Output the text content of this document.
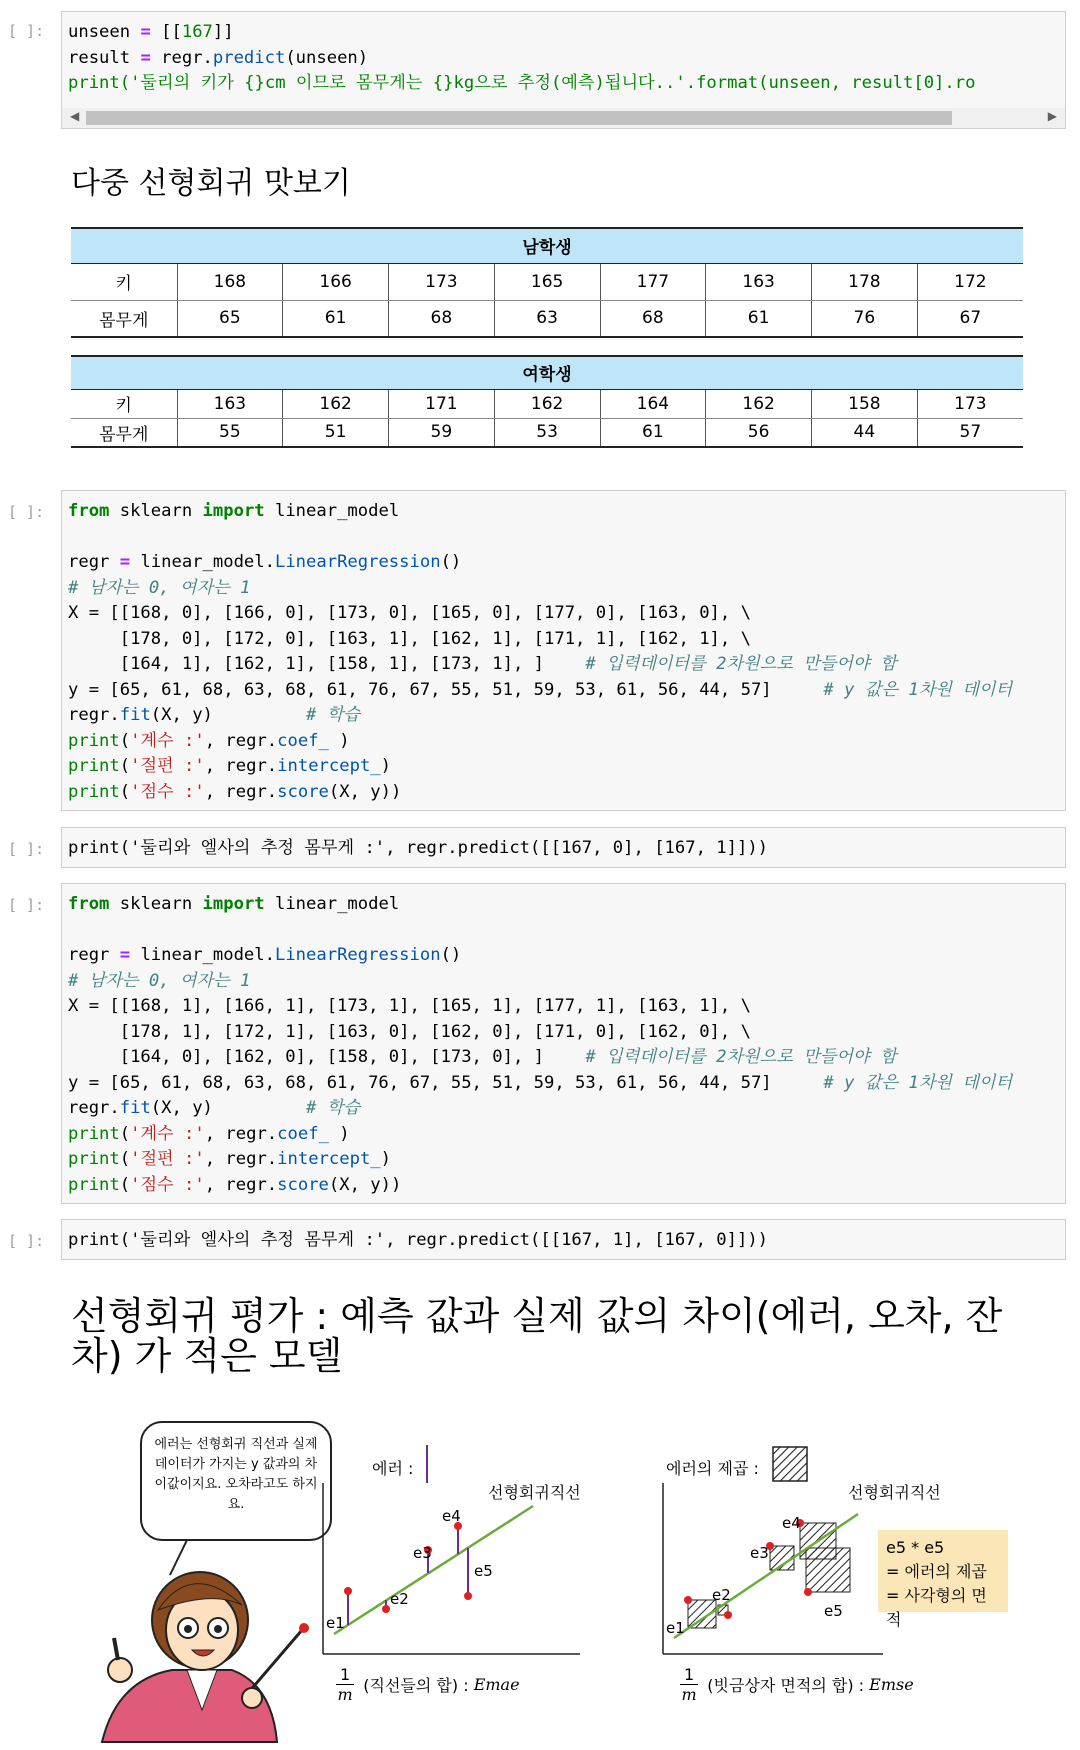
[ ]:	unseen = [[167]]
result = regr.predict(unseen)
print('둘리의 키가 {}cm 이므로 몸무게는 {}kg으로 추정(예측)됩니다..'.format(unseen, result[0].ro
◀	▶
다중 선형회귀 맛보기
남학생								
키	168	166	173	165	177	163	178	172
몸무게	65	61	68	63	68	61	76	67
여학생								
키	163	162	171	162	164	162	158	173
몸무게	55	51	59	53	61	56	44	57
[ ]:	from sklearn import linear_model

regr = linear_model.LinearRegression()
# 남자는 0, 여자는 1
X = [[168, 0], [166, 0], [173, 0], [165, 0], [177, 0], [163, 0], \
[178, 0], [172, 0], [163, 1], [162, 1], [171, 1], [162, 1], \
[164, 1], [162, 1], [158, 1], [173, 1], ] # 입력데이터를 2차원으로 만들어야 함
y = [65, 61, 68, 63, 68, 61, 76, 67, 55, 51, 59, 53, 61, 56, 44, 57]	# y 값은 1차원 데이터
regr.fit(X, y)         # 학습
print('계수 :', regr.coef_ )
print('절편 :', regr.intercept_)
print('점수 :', regr.score(X, y))
[ ]:	print('둘리와 엘사의 추정 몸무게 :', regr.predict([[167, 0], [167, 1]]))
[ ]:	from sklearn import linear_model

regr = linear_model.LinearRegression()
# 남자는 0, 여자는 1
X = [[168, 1], [166, 1], [173, 1], [165, 1], [177, 1], [163, 1], \
[178, 1], [172, 1], [163, 0], [162, 0], [171, 0], [162, 0], \
[164, 0], [162, 0], [158, 0], [173, 0], ] # 입력데이터를 2차원으로 만들어야 함
y = [65, 61, 68, 63, 68, 61, 76, 67, 55, 51, 59, 53, 61, 56, 44, 57]	# y 값은 1차원 데이터
regr.fit(X, y)         # 학습
print('계수 :', regr.coef_ )
print('절편 :', regr.intercept_)
print('점수 :', regr.score(X, y))
[ ]:	print('둘리와 엘사의 추정 몸무게 :', regr.predict([[167, 1], [167, 0]]))
선형회귀 평가 : 예측 값과 실제 값의 차이(에러, 오차, 잔차) 가 적은 모델
에러는 선형회귀 직선과 실제 데이터가 가지는 y 값과의 차이값이지요. 오차라고도 하지요.
에러 :
선형회귀직선
e1
e2
e3
e4
e5
$\frac{1}{m}$ (직선들의 합) : Emae
에러의 제곱 :
선형회귀직선
e1
e2
e3
e4
e5
e5 * e5
= 에러의 제곱
= 사각형의 면적
$\frac{1}{m}$ (빗금상자 면적의 합) : Emse
